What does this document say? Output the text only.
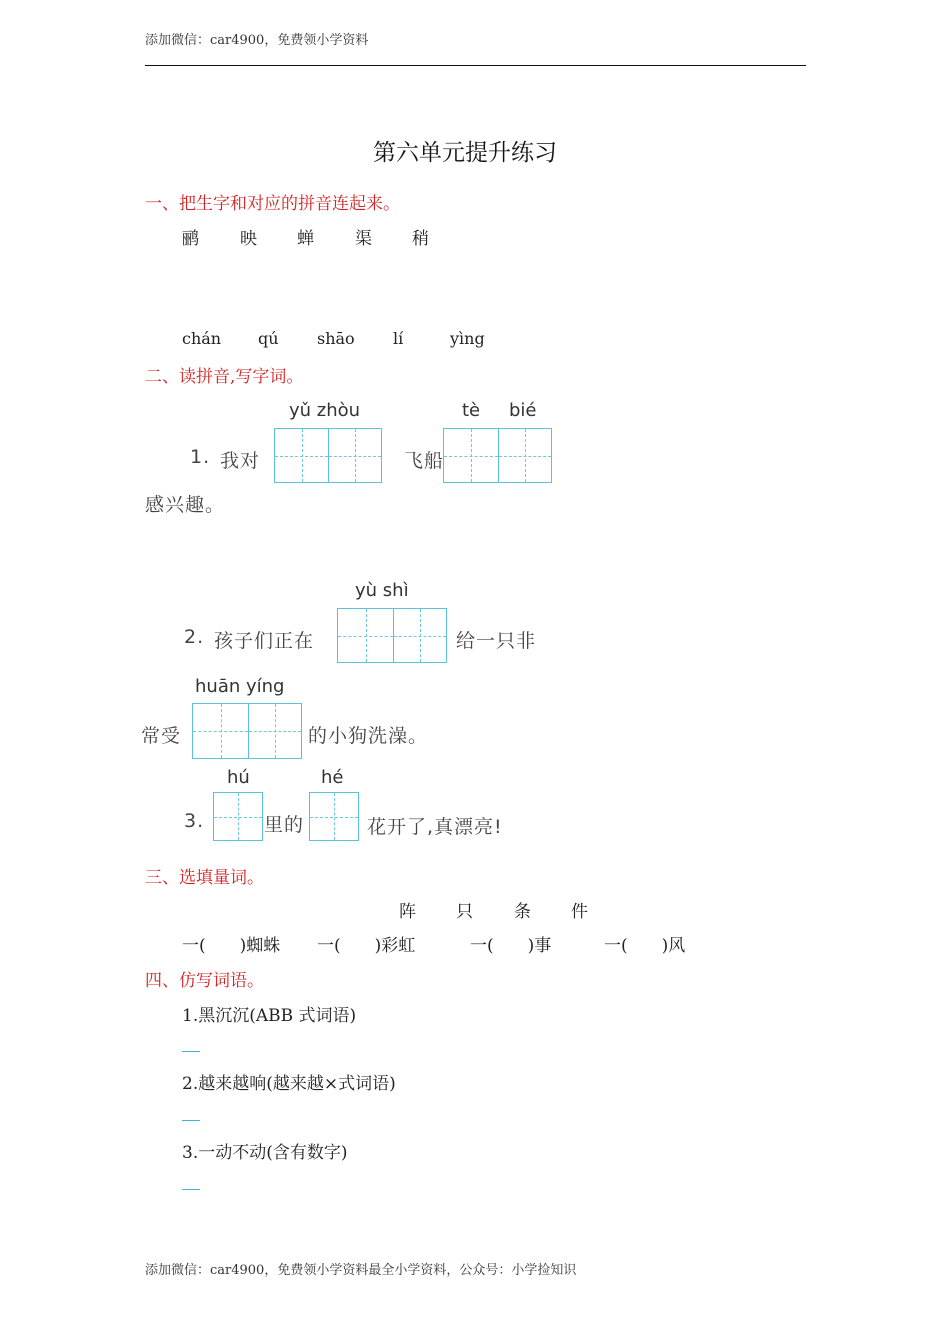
添加微信：car4900，免费领小学资料
第六单元提升练习
一、把生字和对应的拼音连起来。
鹂 映 蝉 渠 稍
chán qú shāo lí	yìng
二、读拼音,写字词。
yǔ zhòu	tè bié
1. 我对	飞船
感兴趣。
yù shì
2. 孩子们正在	给一只非
huān yíng
常受	的小狗洗澡。
hú	hé
3.	里的	花开了,真漂亮!
三、选填量词。
阵 只 条 件
一(　　)蜘蛛 一(　　)彩虹	一(　　)事	一(　　)风
四、仿写词语。
1.黑沉沉(ABB 式词语)
2.越来越响(越来越×式词语)
3.一动不动(含有数字)
添加微信：car4900，免费领小学资料最全小学资料，公众号：小学捡知识
